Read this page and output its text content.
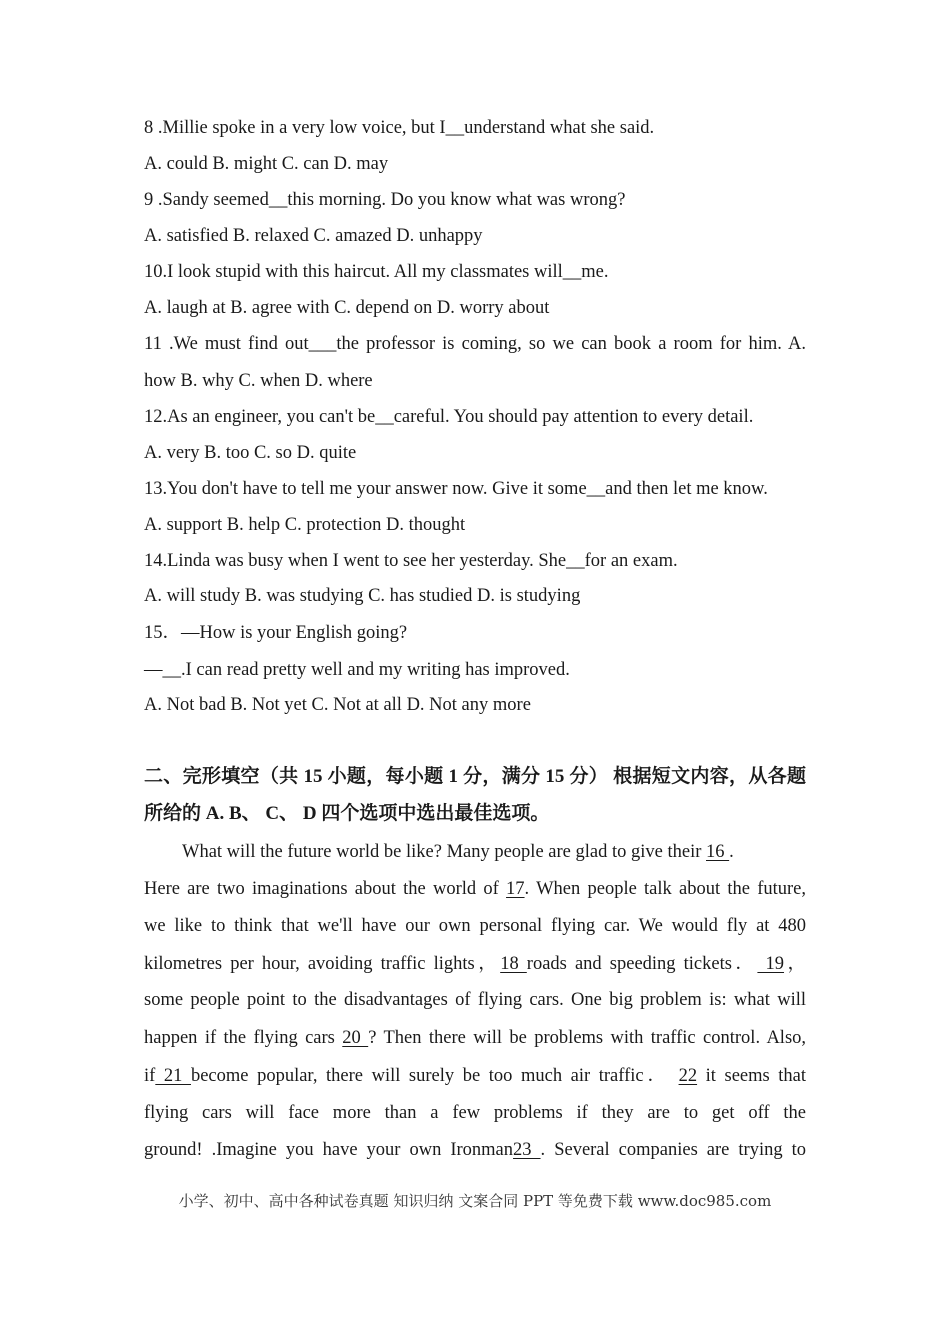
8 .Millie spoke in a very low voice, but I__understand what she said.
A. could B. might C. can D. may
9 .Sandy seemed__this morning. Do you know what was wrong?
A. satisfied B. relaxed C. amazed D. unhappy
10.I look stupid with this haircut. All my classmates will__me.
A. laugh at B. agree with C. depend on D. worry about
11 .We must find out___the professor is coming, so we can book a room for him. A.
how B. why C. when D. where
12.As an engineer, you can't be__careful. You should pay attention to every detail.
A. very B. too C. so D. quite
13.You don't have to tell me your answer now. Give it some__and then let me know.
A. support B. help C. protection D. thought
14.Linda was busy when I went to see her yesterday. She__for an exam.
A. will study B. was studying C. has studied D. is studying
15．—How is your English going?
—__.I can read pretty well and my writing has improved.
A. Not bad B. Not yet C. Not at all D. Not any more
二、完形填空（共 15 小题，每小题 1 分，满分 15 分） 根据短文内容，从各题
所给的 A. B、 C、 D 四个选项中选出最佳选项。
What will the future world be like? Many people are glad to give their 16 .
Here are two imaginations about the world of 17. When people talk about the future,
we like to think that we'll have our own personal flying car. We would fly at 480
kilometres per hour, avoiding traffic lights，18 roads and speeding tickets． 19，
some people point to the disadvantages of flying cars. One big problem is: what will
happen if the flying cars 20 ? Then there will be problems with traffic control. Also,
if 21 become popular, there will surely be too much air traffic． 22 it seems that
flying cars will face more than a few problems if they are to get off the
ground! .Imagine you have your own Ironman23 . Several companies are trying to
小学、初中、高中各种试卷真题 知识归纳 文案合同 PPT 等免费下载 www.doc985.com
